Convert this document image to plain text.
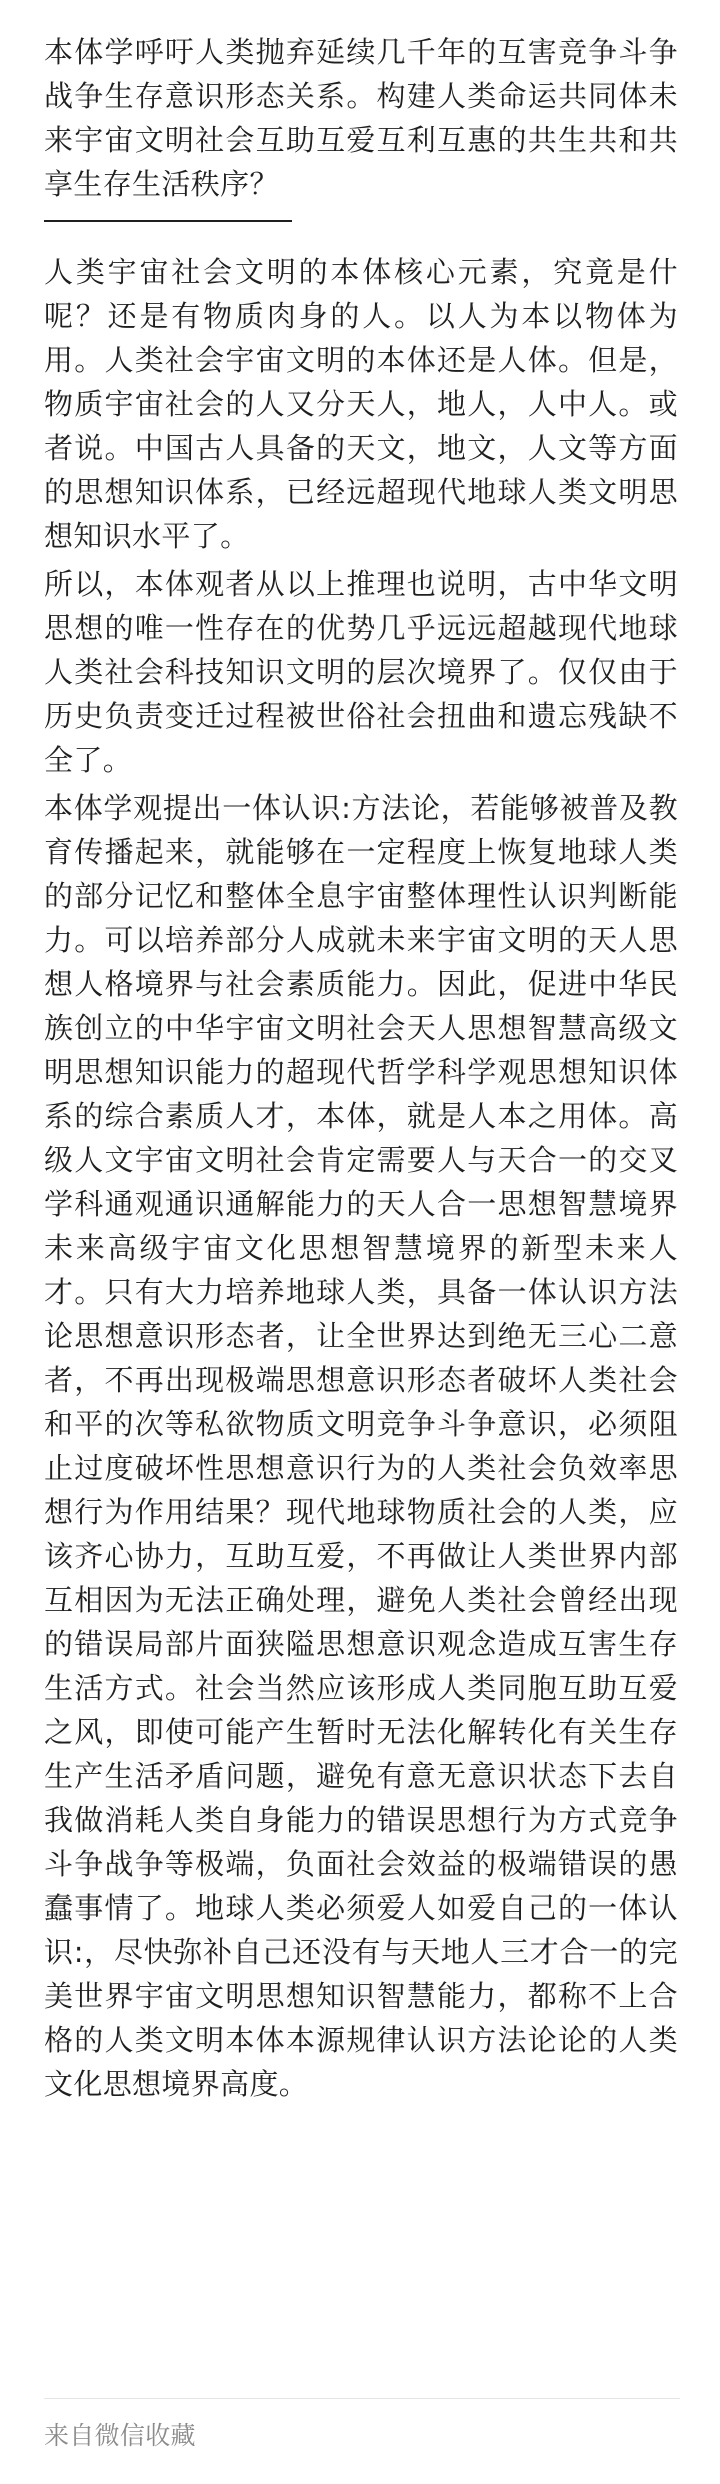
本体学呼吁人类抛弃延续几千年的互害竞争斗争战争生存意识形态关系。构建人类命运共同体未来宇宙文明社会互助互爱互利互惠的共生共和共享生存生活秩序？

人类宇宙社会文明的本体核心元素，究竟是什呢？还是有物质肉身的人。以人为本以物体为用。人类社会宇宙文明的本体还是人体。但是，物质宇宙社会的人又分天人，地人，人中人。或者说。中国古人具备的天文，地文，人文等方面的思想知识体系，已经远超现代地球人类文明思想知识水平了。

所以，本体观者从以上推理也说明，古中华文明思想的唯一性存在的优势几乎远远超越现代地球人类社会科技知识文明的层次境界了。仅仅由于历史负责变迁过程被世俗社会扭曲和遗忘残缺不全了。

本体学观提出一体认识:方法论，若能够被普及教育传播起来，就能够在一定程度上恢复地球人类的部分记忆和整体全息宇宙整体理性认识判断能力。可以培养部分人成就未来宇宙文明的天人思想人格境界与社会素质能力。因此，促进中华民族创立的中华宇宙文明社会天人思想智慧高级文明思想知识能力的超现代哲学科学观思想知识体系的综合素质人才，本体，就是人本之用体。高级人文宇宙文明社会肯定需要人与天合一的交叉学科通观通识通解能力的天人合一思想智慧境界未来高级宇宙文化思想智慧境界的新型未来人才。只有大力培养地球人类，具备一体认识方法论思想意识形态者，让全世界达到绝无三心二意者，不再出现极端思想意识形态者破坏人类社会和平的次等私欲物质文明竞争斗争意识，必须阻止过度破坏性思想意识行为的人类社会负效率思想行为作用结果？现代地球物质社会的人类，应该齐心协力，互助互爱，不再做让人类世界内部互相因为无法正确处理，避免人类社会曾经出现的错误局部片面狭隘思想意识观念造成互害生存生活方式。社会当然应该形成人类同胞互助互爱之风，即使可能产生暂时无法化解转化有关生存生产生活矛盾问题，避免有意无意识状态下去自我做消耗人类自身能力的错误思想行为方式竞争斗争战争等极端，负面社会效益的极端错误的愚蠢事情了。地球人类必须爱人如爱自己的一体认识:，尽快弥补自己还没有与天地人三才合一的完美世界宇宙文明思想知识智慧能力，都称不上合格的人类文明本体本源规律认识方法论论的人类文化思想境界高度。

来自微信收藏
